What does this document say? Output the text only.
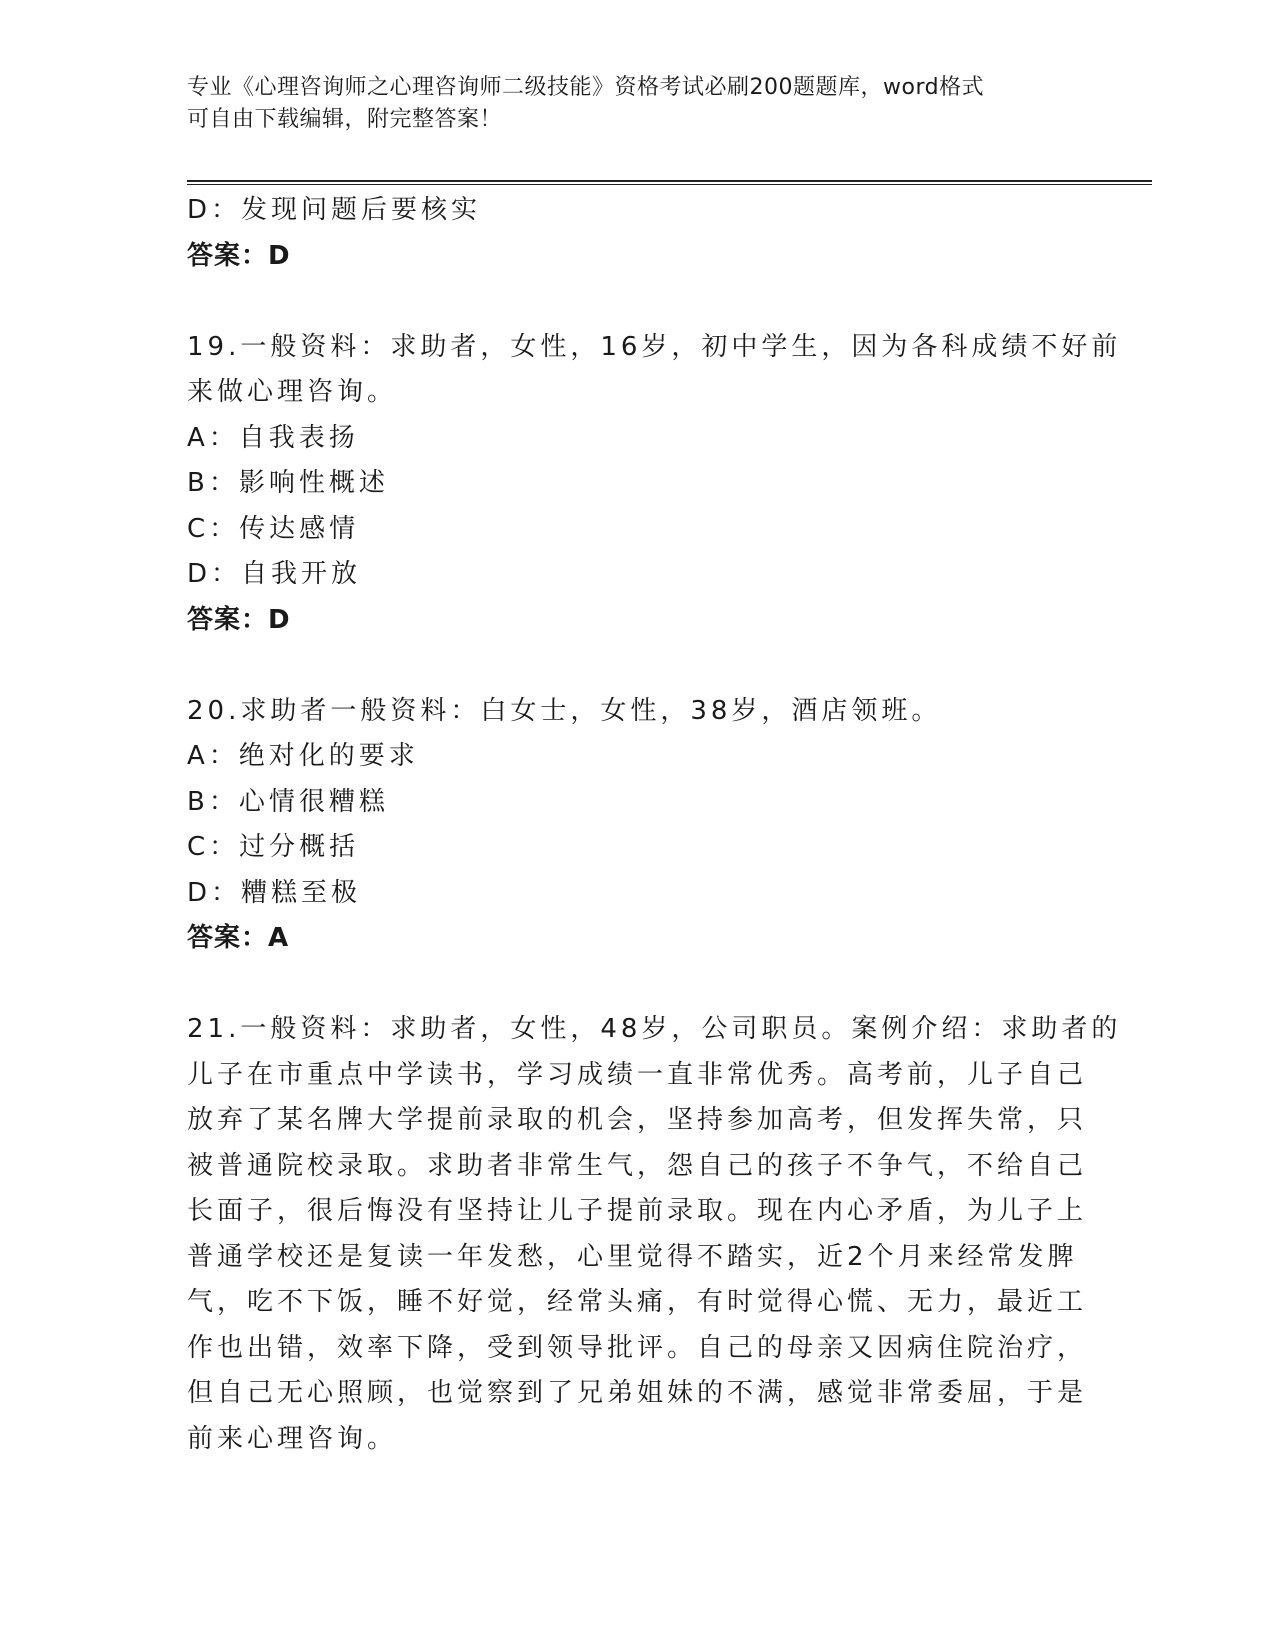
专业《心理咨询师之心理咨询师二级技能》资格考试必刷200题题库，word格式
可自由下载编辑，附完整答案！
D：发现问题后要核实
答案：D
19.一般资料：求助者，女性，16岁，初中学生，因为各科成绩不好前
来做心理咨询。
A：自我表扬
B：影响性概述
C：传达感情
D：自我开放
答案：D
20.求助者一般资料：白女士，女性，38岁，酒店领班。
A：绝对化的要求
B：心情很糟糕
C：过分概括
D：糟糕至极
答案：A
21.一般资料：求助者，女性，48岁，公司职员。案例介绍：求助者的
儿子在市重点中学读书，学习成绩一直非常优秀。高考前，儿子自己
放弃了某名牌大学提前录取的机会，坚持参加高考，但发挥失常，只
被普通院校录取。求助者非常生气，怨自己的孩子不争气，不给自己
长面子，很后悔没有坚持让儿子提前录取。现在内心矛盾，为儿子上
普通学校还是复读一年发愁，心里觉得不踏实，近2个月来经常发脾
气，吃不下饭，睡不好觉，经常头痛，有时觉得心慌、无力，最近工
作也出错，效率下降，受到领导批评。自己的母亲又因病住院治疗，
但自己无心照顾，也觉察到了兄弟姐妹的不满，感觉非常委屈，于是
前来心理咨询。
